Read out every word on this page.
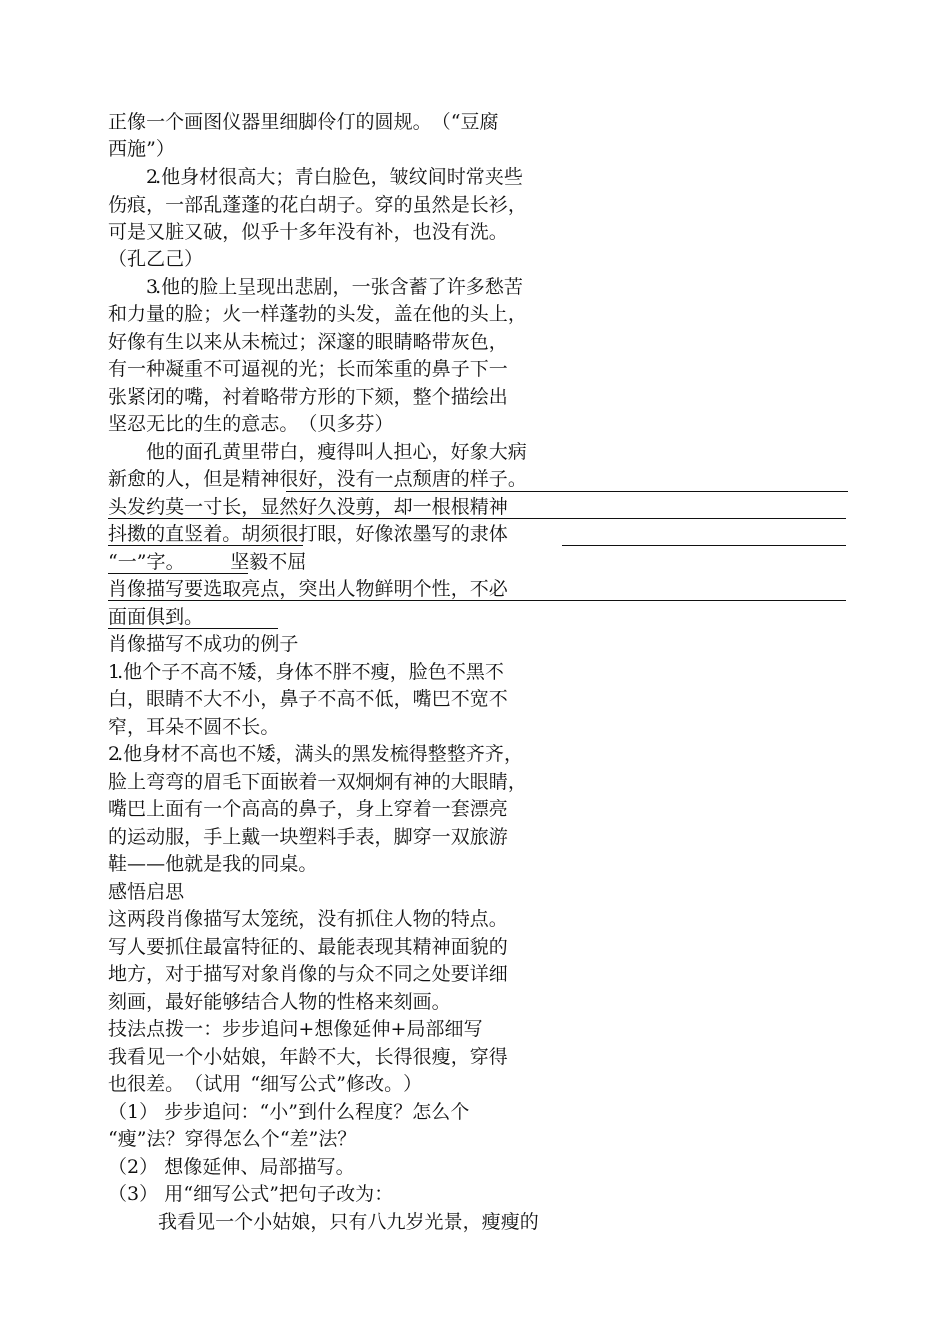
正 像 一 个 画 图 仪 器 里 细 脚 伶 仃 的 圆 规 。 （ “ 豆 腐
西 施 ” ）
2. 他 身 材 很 高 大 ； 青 白 脸 色 ， 皱 纹 间 时 常 夹 些
伤 痕 ， 一 部 乱 蓬 蓬 的 花 白 胡 子 。 穿 的 虽 然 是 长 衫 ，
可 是 又 脏 又 破 ， 似 乎 十 多 年 没 有 补 ， 也 没 有 洗 。
（ 孔 乙 己 ）
3. 他 的 脸 上 呈 现 出 悲 剧 ， 一 张 含 蓄 了 许 多 愁 苦
和 力 量 的 脸 ； 火 一 样 蓬 勃 的 头 发 ， 盖 在 他 的 头 上 ，
好 像 有 生 以 来 从 未 梳 过 ； 深 邃 的 眼 睛 略 带 灰 色 ，
有 一 种 凝 重 不 可 逼 视 的 光 ； 长 而 笨 重 的 鼻 子 下 一
张 紧 闭 的 嘴 ， 衬 着 略 带 方 形 的 下 颏 ， 整 个 描 绘 出
坚 忍 无 比 的 生 的 意 志 。 （ 贝 多 芬 ）
他 的 面 孔 黄 里 带 白 ， 瘦 得 叫 人 担 心 ， 好 象 大 病
新 愈 的 人 ， 但 是 精 神 很 好 ， 没 有 一 点 颓 唐 的 样 子 。
头 发 约 莫 一 寸 长 ， 显 然 好 久 没 剪 ， 却 一 根 根 精 神
抖 擞 的 直 竖 着 。 胡 须 很 打 眼 ， 好 像 浓 墨 写 的 隶 体
“ 一 ” 字 。                坚 毅 不 屈
肖 像 描 写 要 选 取 亮 点 ， 突 出 人 物 鲜 明 个 性 ， 不 必
面 面 俱 到 。
肖 像 描 写 不 成 功 的 例 子
1. 他 个 子 不 高 不 矮 ， 身 体 不 胖 不 瘦 ， 脸 色 不 黑 不
白 ， 眼 睛 不 大 不 小 ， 鼻 子 不 高 不 低 ， 嘴 巴 不 宽 不
窄 ， 耳 朵 不 圆 不 长 。
2. 他 身 材 不 高 也 不 矮 ， 满 头 的 黑 发 梳 得 整 整 齐 齐 ，
脸 上 弯 弯 的 眉 毛 下 面 嵌 着 一 双 炯 炯 有 神 的 大 眼 睛 ，
嘴 巴 上 面 有 一 个 高 高 的 鼻 子 ， 身 上 穿 着 一 套 漂 亮
的 运 动 服 ， 手 上 戴 一 块 塑 料 手 表 ， 脚 穿 一 双 旅 游
鞋 — — 他 就 是 我 的 同 桌 。
感 悟 启 思
这 两 段 肖 像 描 写 太 笼 统 ， 没 有 抓 住 人 物 的 特 点 。
写 人 要 抓 住 最 富 特 征 的 、 最 能 表 现 其 精 神 面 貌 的
地 方 ， 对 于 描 写 对 象 肖 像 的 与 众 不 同 之 处 要 详 细
刻 画 ， 最 好 能 够 结 合 人 物 的 性 格 来 刻 画 。
技 法 点 拨 一 ： 步 步 追 问 + 想 像 延 伸 + 局 部 细 写
我 看 见 一 个 小 姑 娘 ， 年 龄 不 大 ， 长 得 很 瘦 ， 穿 得
也 很 差 。 （ 试 用    “ 细 写 公 式 ” 修 改 。 ）
（ 1 ）   步 步 追 问 ： “ 小 ” 到 什 么 程 度 ？ 怎 么 个
“ 瘦 ” 法 ？ 穿 得 怎 么 个 “ 差 ” 法 ？
（ 2 ）   想 像 延 伸 、 局 部 描 写 。
（ 3 ）   用 “ 细 写 公 式 ” 把 句 子 改 为 ：
我 看 见 一 个 小 姑 娘 ， 只 有 八 九 岁 光 景 ， 瘦 瘦 的
